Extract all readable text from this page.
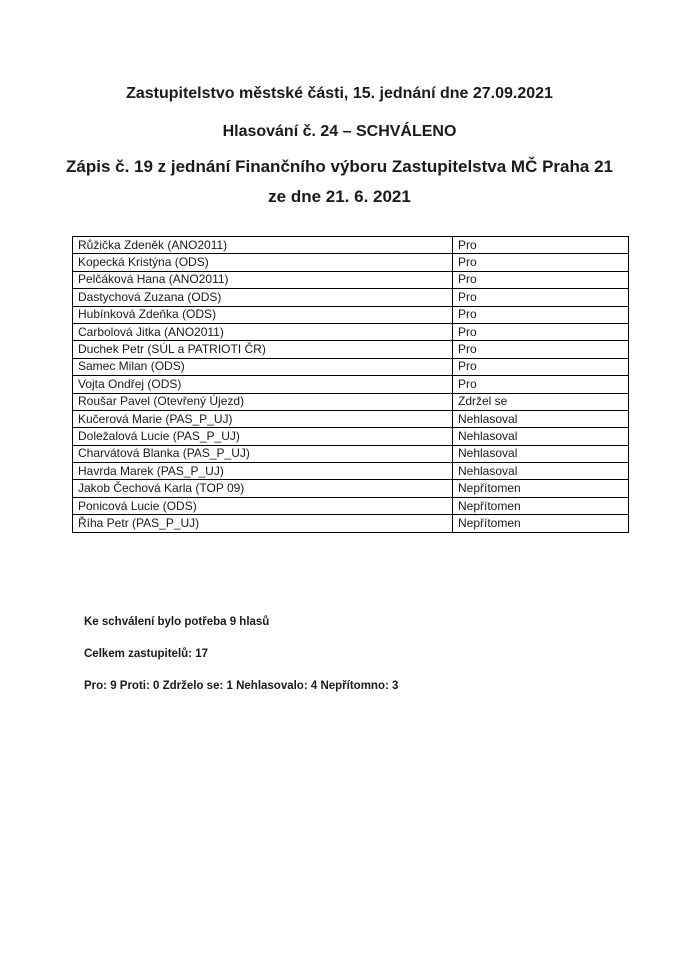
Zastupitelstvo městské části, 15. jednání dne 27.09.2021
Hlasování č. 24 – SCHVÁLENO
Zápis č. 19 z jednání Finančního výboru Zastupitelstva MČ Praha 21
ze dne 21. 6. 2021
Růžička Zdeněk (ANO2011)	Pro
Kopecká Kristýna (ODS)	Pro
Pelčáková Hana (ANO2011)	Pro
Dastychová Zuzana (ODS)	Pro
Hubínková Zdeňka (ODS)	Pro
Carbolová Jitka (ANO2011)	Pro
Duchek Petr (SÚL a PATRIOTI ČR)	Pro
Samec Milan (ODS)	Pro
Vojta Ondřej (ODS)	Pro
Roušar Pavel (Otevřený Újezd)	Zdržel se
Kučerová Marie (PAS_P_UJ)	Nehlasoval
Doležalová Lucie (PAS_P_UJ)	Nehlasoval
Charvátová Blanka (PAS_P_UJ)	Nehlasoval
Havrda Marek (PAS_P_UJ)	Nehlasoval
Jakob Čechová Karla (TOP 09)	Nepřítomen
Ponicová Lucie (ODS)	Nepřítomen
Říha Petr (PAS_P_UJ)	Nepřítomen
Ke schválení bylo potřeba 9 hlasů
Celkem zastupitelů: 17
Pro: 9 Proti: 0 Zdrželo se: 1 Nehlasovalo: 4 Nepřítomno: 3
